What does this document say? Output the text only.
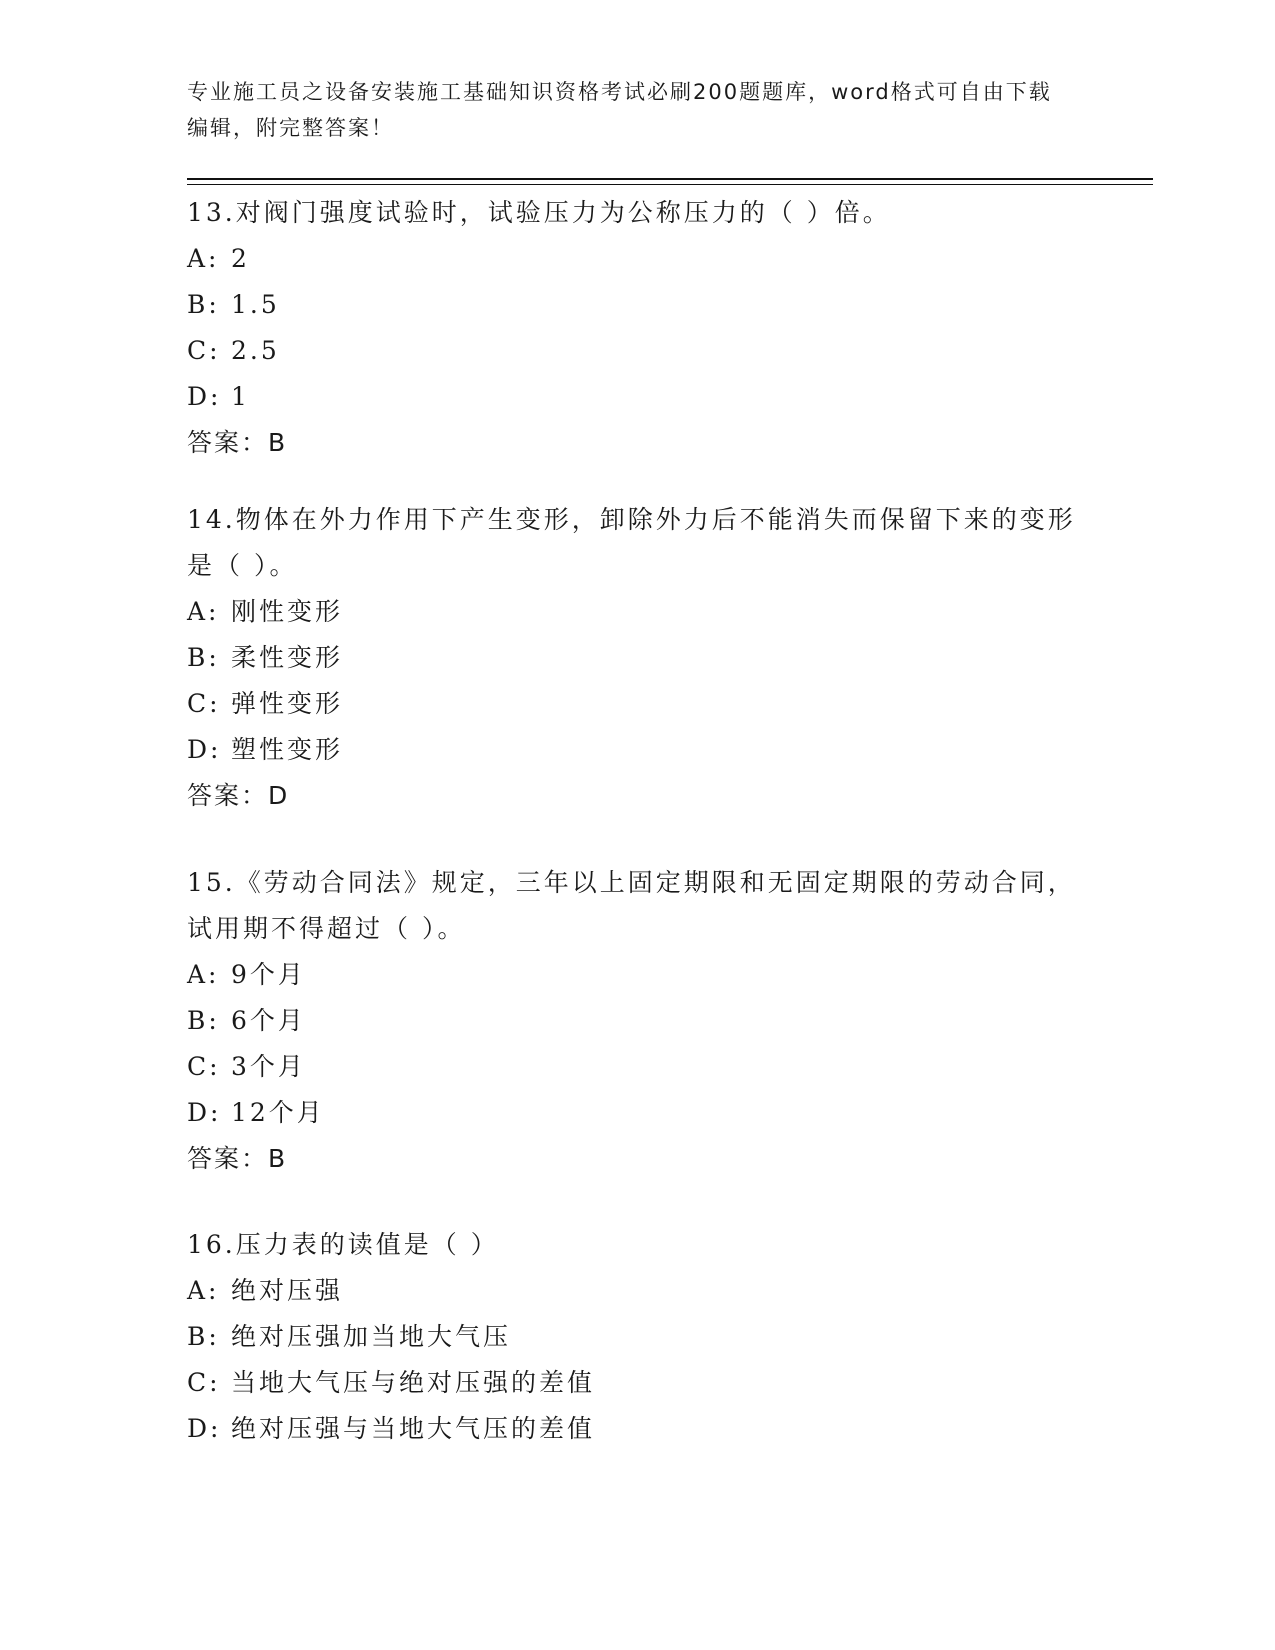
专业施工员之设备安装施工基础知识资格考试必刷200题题库，word格式可自由下载编辑，附完整答案！

13.对阀门强度试验时，试验压力为公称压力的（ ）倍。

A: 2

B: 1.5

C: 2.5

D: 1

答案：B

14.物体在外力作用下产生变形，卸除外力后不能消失而保留下来的变形是（ ）。

A: 刚性变形

B: 柔性变形

C: 弹性变形

D: 塑性变形

答案：D

15.《劳动合同法》规定，三年以上固定期限和无固定期限的劳动合同，试用期不得超过（ ）。

A: 9个月

B: 6个月

C: 3个月

D: 12个月

答案：B

16.压力表的读值是（ ）

A: 绝对压强

B: 绝对压强加当地大气压

C: 当地大气压与绝对压强的差值

D: 绝对压强与当地大气压的差值
